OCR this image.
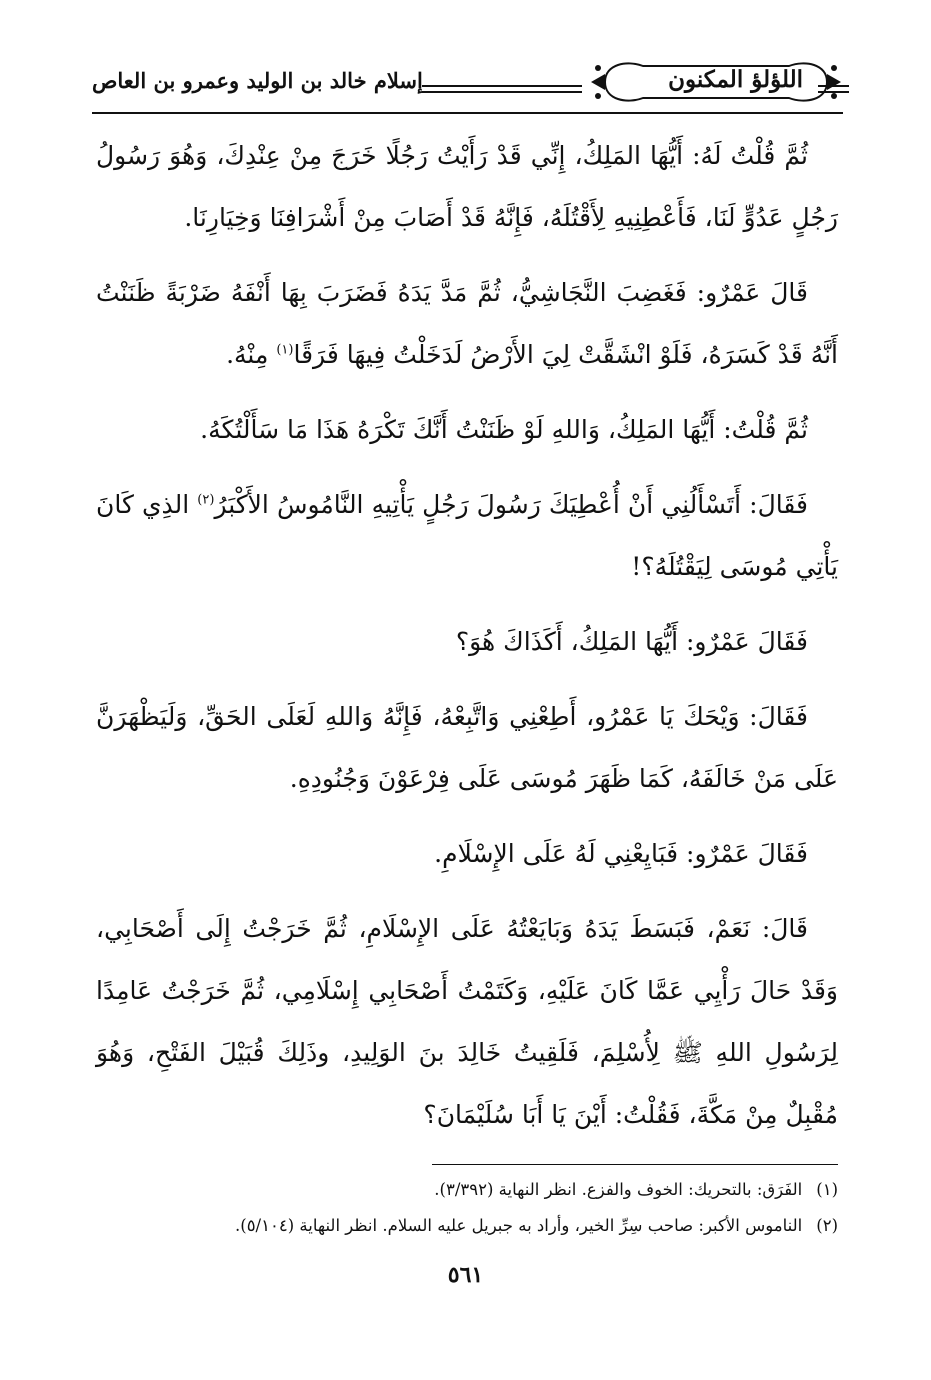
اللؤلؤ المكنون
إسلام خالد بن الوليد وعمرو بن العاص

ثُمَّ قُلْتُ لَهُ: أَيُّهَا المَلِكُ، إِنِّي قَدْ رَأَيْتُ رَجُلًا خَرَجَ مِنْ عِنْدِكَ، وَهُوَ رَسُولُ رَجُلٍ عَدُوٍّ لَنَا، فَأَعْطِنِيهِ لِأَقْتُلَهُ، فَإِنَّهُ قَدْ أَصَابَ مِنْ أَشْرَافِنَا وَخِيَارِنَا.

قَالَ عَمْرٌو: فَغَضِبَ النَّجَاشِيُّ، ثُمَّ مَدَّ يَدَهُ فَضَرَبَ بِهَا أَنْفَهُ ضَرْبَةً ظَنَنْتُ أَنَّهُ قَدْ كَسَرَهُ، فَلَوْ انْشَقَّتْ لِيَ الأَرْضُ لَدَخَلْتُ فِيهَا فَرَقًا$^{(١)}$ مِنْهُ.

ثُمَّ قُلْتُ: أَيُّهَا المَلِكُ، وَاللهِ لَوْ ظَنَنْتُ أَنَّكَ تَكْرَهُ هَذَا مَا سَأَلْتُكَهُ.

فَقَالَ: أَتَسْأَلُنِي أَنْ أُعْطِيَكَ رَسُولَ رَجُلٍ يَأْتِيهِ النَّامُوسُ الأَكْبَرُ$^{(٢)}$ الذِي كَانَ يَأْتِي مُوسَى لِيَقْتُلَهُ؟!

فَقَالَ عَمْرٌو: أَيُّهَا المَلِكُ، أَكَذَاكَ هُوَ؟

فَقَالَ: وَيْحَكَ يَا عَمْرُو، أَطِعْنِي وَاتَّبِعْهُ، فَإِنَّهُ وَاللهِ لَعَلَى الحَقِّ، وَلَيَظْهَرَنَّ عَلَى مَنْ خَالَفَهُ، كَمَا ظَهَرَ مُوسَى عَلَى فِرْعَوْنَ وَجُنُودِهِ.

فَقَالَ عَمْرٌو: فَبَايِعْنِي لَهُ عَلَى الإِسْلَامِ.

قَالَ: نَعَمْ، فَبَسَطَ يَدَهُ وَبَايَعْتُهُ عَلَى الإِسْلَامِ، ثُمَّ خَرَجْتُ إِلَى أَصْحَابِي، وَقَدْ حَالَ رَأْيِي عَمَّا كَانَ عَلَيْهِ، وَكَتَمْتُ أَصْحَابِي إِسْلَامِي، ثُمَّ خَرَجْتُ عَامِدًا لِرَسُولِ اللهِ ﷺ لِأُسْلِمَ، فَلَقِيتُ خَالِدَ بنَ الوَلِيدِ، وذَلِكَ قُبَيْلَ الفَتْحِ، وَهُوَ مُقْبِلٌ مِنْ مَكَّةَ، فَقُلْتُ: أَيْنَ يَا أَبَا سُلَيْمَانَ؟

(١)الفَرَق: بالتحريك: الخوف والفزع. انظر النهاية (٣/٣٩٢).
(٢)الناموس الأكبر: صاحب سِرِّ الخير، وأراد به جبريل عليه السلام. انظر النهاية (٥/١٠٤).
٥٦١
